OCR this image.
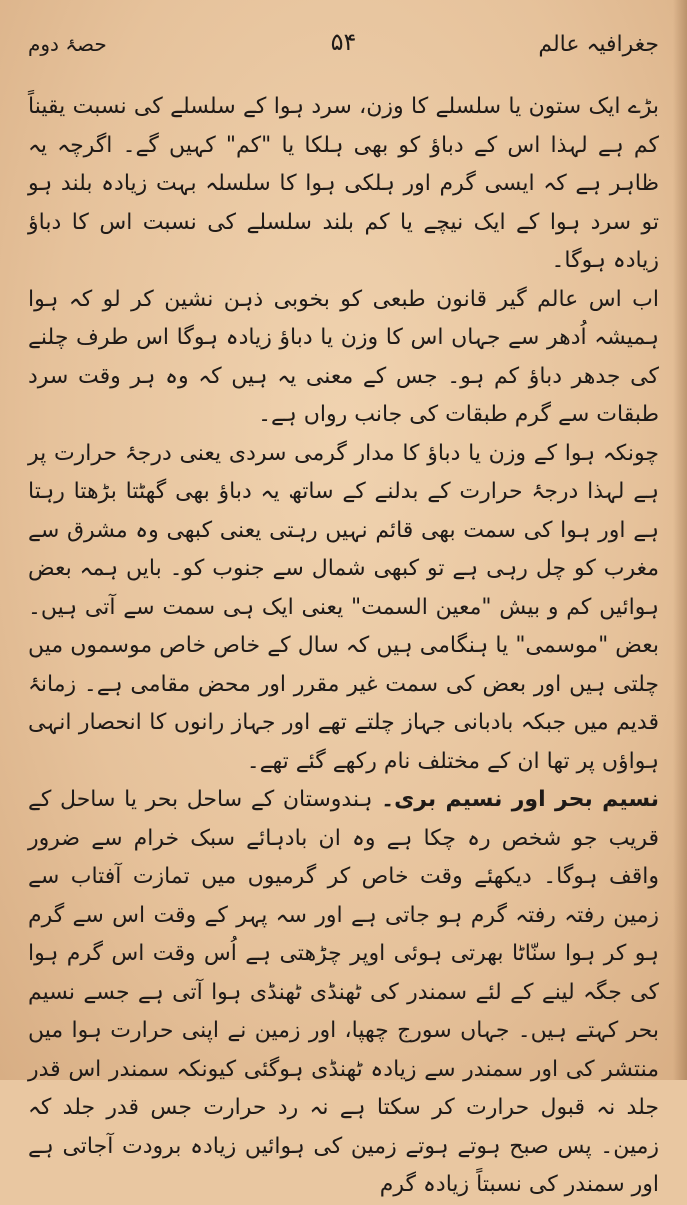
جغرافیہ عالم
۵۴
حصۂ دوم

بڑے ایک ستون یا سلسلے کا وزن، سرد ہوا کے سلسلے کی نسبت یقیناً کم ہے لہذا اس کے دباؤ کو بھی ہلکا یا "کم" کہیں گے۔ اگرچہ یہ ظاہر ہے کہ ایسی گرم اور ہلکی ہوا کا سلسلہ بہت زیادہ بلند ہو تو سرد ہوا کے ایک نیچے یا کم بلند سلسلے کی نسبت اس کا دباؤ زیادہ ہوگا۔

اب اس عالم گیر قانون طبعی کو بخوبی ذہن نشین کر لو کہ ہوا ہمیشہ اُدھر سے جہاں اس کا وزن یا دباؤ زیادہ ہوگا اس طرف چلنے کی جدھر دباؤ کم ہو۔ جس کے معنی یہ ہیں کہ وہ ہر وقت سرد طبقات سے گرم طبقات کی جانب رواں ہے۔

چونکہ ہوا کے وزن یا دباؤ کا مدار گرمی سردی یعنی درجۂ حرارت پر ہے لہذا درجۂ حرارت کے بدلنے کے ساتھ یہ دباؤ بھی گھٹتا بڑھتا رہتا ہے اور ہوا کی سمت بھی قائم نہیں رہتی یعنی کبھی وہ مشرق سے مغرب کو چل رہی ہے تو کبھی شمال سے جنوب کو۔ بایں ہمہ بعض ہوائیں کم و بیش "معین السمت" یعنی ایک ہی سمت سے آتی ہیں۔ بعض "موسمی" یا ہنگامی ہیں کہ سال کے خاص خاص موسموں میں چلتی ہیں اور بعض کی سمت غیر مقرر اور محض مقامی ہے۔ زمانۂ قدیم میں جبکہ بادبانی جہاز چلتے تھے اور جہاز رانوں کا انحصار انہی ہواؤں پر تھا ان کے مختلف نام رکھے گئے تھے۔

نسیم بحر اور نسیم بری۔ ہندوستان کے ساحل بحر یا ساحل کے قریب جو شخص رہ چکا ہے وہ ان بادہائے سبک خرام سے ضرور واقف ہوگا۔ دیکھئے وقت خاص کر گرمیوں میں تمازت آفتاب سے زمین رفتہ رفتہ گرم ہو جاتی ہے اور سہ پہر کے وقت اس سے گرم ہو کر ہوا سنّاٹا بھرتی ہوئی اوپر چڑھتی ہے اُس وقت اس گرم ہوا کی جگہ لینے کے لئے سمندر کی ٹھنڈی ٹھنڈی ہوا آتی ہے جسے نسیم بحر کہتے ہیں۔ جہاں سورج چھپا، اور زمین نے اپنی حرارت ہوا میں منتشر کی اور سمندر سے زیادہ ٹھنڈی ہوگئی کیونکہ سمندر اس قدر جلد نہ قبول حرارت کر سکتا ہے نہ رد حرارت جس قدر جلد کہ زمین۔ پس صبح ہوتے ہوتے زمین کی ہوائیں زیادہ برودت آجاتی ہے اور سمندر کی نسبتاً زیادہ گرم
